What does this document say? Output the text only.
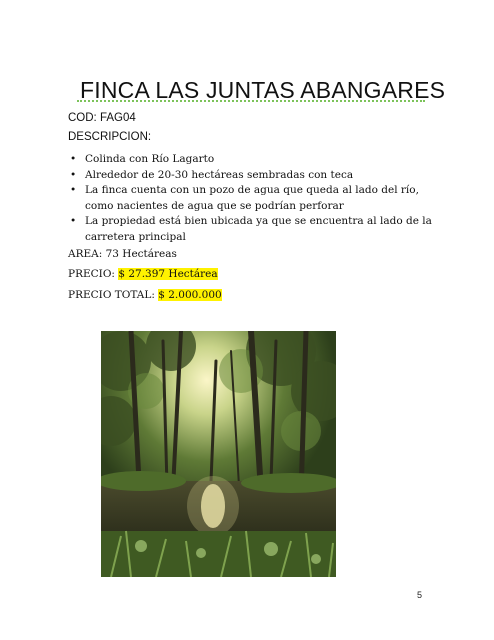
FINCA LAS JUNTAS ABANGARES

COD: FAG04

DESCRIPCION:

• Colinda con Río Lagarto
• Alrededor de 20-30 hectáreas sembradas con teca
• La finca cuenta con un pozo de agua que queda al lado del río, como nacientes de agua que se podrían perforar
• La propiedad está bien ubicada ya que se encuentra al lado de la carretera principal

AREA: 73 Hectáreas

PRECIO: $ 27.397 Hectárea

PRECIO TOTAL: $ 2.000.000

5
